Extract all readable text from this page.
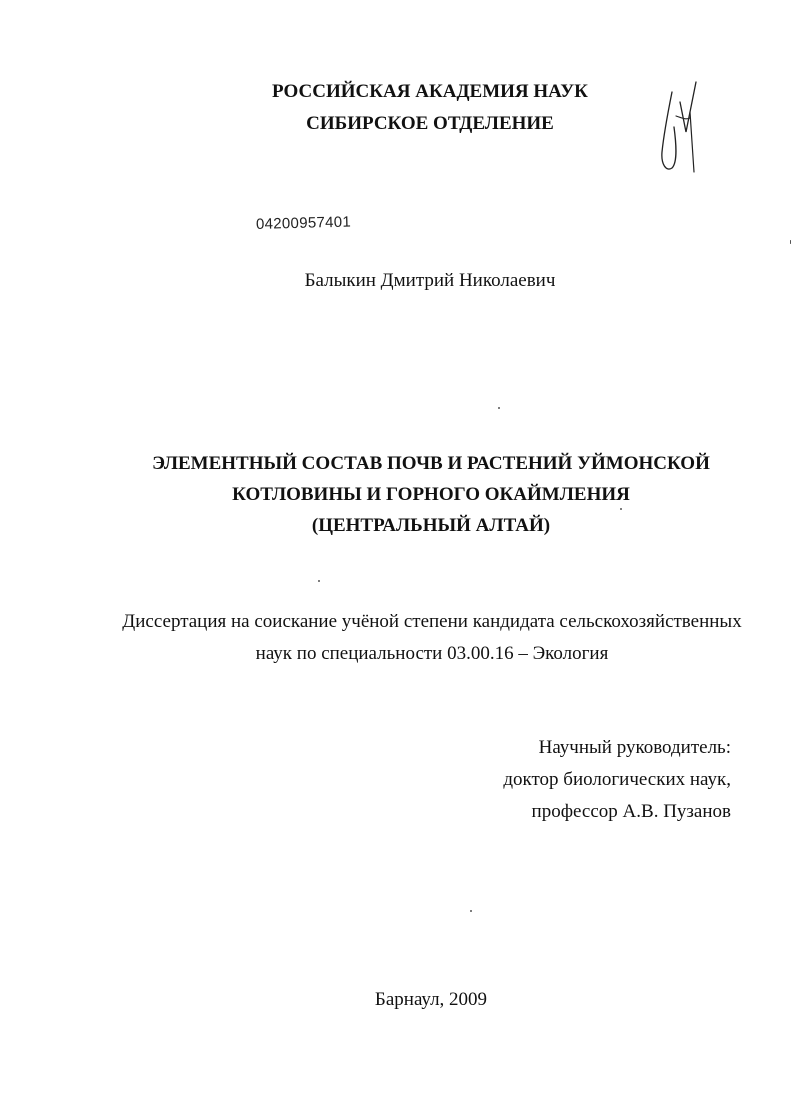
РОССИЙСКАЯ АКАДЕМИЯ НАУК
СИБИРСКОЕ ОТДЕЛЕНИЕ
04200957401
Балыкин Дмитрий Николаевич
ЭЛЕМЕНТНЫЙ СОСТАВ ПОЧВ И РАСТЕНИЙ УЙМОНСКОЙ
КОТЛОВИНЫ И ГОРНОГО ОКАЙМЛЕНИЯ
(ЦЕНТРАЛЬНЫЙ АЛТАЙ)
Диссертация на соискание учёной степени кандидата сельскохозяйственных
наук по специальности 03.00.16 – Экология
Научный руководитель:
доктор биологических наук,
профессор А.В. Пузанов
Барнаул, 2009
